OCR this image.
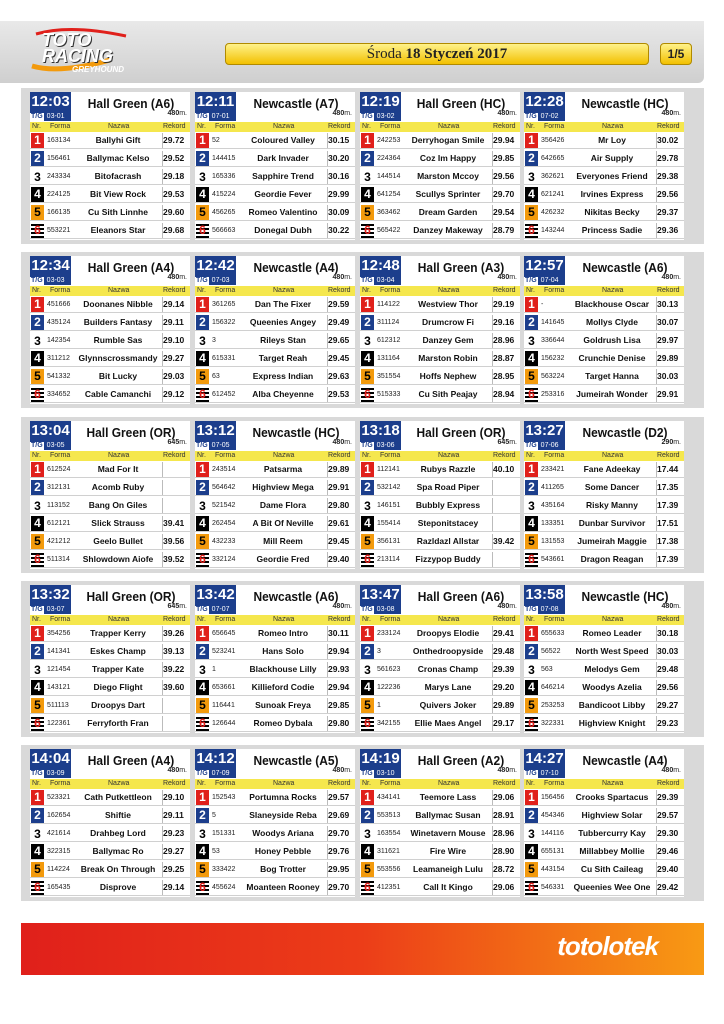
TOTO
RACING
GREYHOUND
Środa 18 Styczeń 2017	1/5
12:03
T/G 03-01
Hall Green (A6)
480m.
Nr. Forma	Nazwa	Rekord
1 163134	Ballyhi Gift	29.72
2 156461	Ballymac Kelso	29.52
3 243334	Bitofacrash	29.18
4 224125	Bit View Rock	29.53
5 166135	Cu Sith Linnhe	29.60
6 553221	Eleanors Star	29.68
12:11
T/G 07-01
Newcastle (A7)
480m.
Nr. Forma	Nazwa	Rekord
1 52	Coloured Valley	30.15
2 144415	Dark Invader	30.20
3 165336	Sapphire Trend	30.16
4 415224	Geordie Fever	29.99
5 456265	Romeo Valentino	30.09
6 566663	Donegal Dubh	30.22
12:19
T/G 03-02
Hall Green (HC)
480m.
Nr. Forma	Nazwa	Rekord
1 242253	Derryhogan Smile	29.94
2 224364	Coz Im Happy	29.85
3 144514	Marston Mccoy	29.56
4 641254	Scullys Sprinter	29.70
5 363462	Dream Garden	29.54
6 565422	Danzey Makeway	28.79
12:28
T/G 07-02
Newcastle (HC)
480m.
Nr. Forma	Nazwa	Rekord
1 356426	Mr Loy	30.02
2 642665	Air Supply	29.78
3 362621	Everyones Friend	29.38
4 621241	Irvines Express	29.56
5 426232	Nikitas Becky	29.37
6 143244	Princess Sadie	29.36
12:34
T/G 03-03
Hall Green (A4)
480m.
Nr. Forma	Nazwa	Rekord
1 451666	Doonanes Nibble	29.14
2 435124	Builders Fantasy	29.11
3 142354	Rumble Sas	29.10
4 311212	Glynnscrossmandy 29.27
5 541332	Bit Lucky	29.03
6 334652	Cable Camanchi	29.12
12:42
T/G 07-03
Newcastle (A4)
480m.
Nr. Forma	Nazwa	Rekord
1 361265	Dan The Fixer	29.59
2 156322	Queenies Angey	29.49
3 3	Rileys Stan	29.65
4 615331	Target Reah	29.45
5 63	Express Indian	29.63
6 612452	Alba Cheyenne	29.53
12:48
T/G 03-04
Hall Green (A3)
480m.
Nr. Forma	Nazwa	Rekord
1 114122	Westview Thor	29.19
2 311124	Drumcrow Fi	29.16
3 612312	Danzey Gem	28.96
4 131164	Marston Robin	28.87
5 351554	Hoffs Nephew	28.95
6 515333	Cu Sith Peajay	28.94
12:57
T/G 07-04
Newcastle (A6)
480m.
Nr. Forma	Nazwa	Rekord
1 -	Blackhouse Oscar 30.13
2 141645	Mollys Clyde	30.07
3 336644	Goldrush Lisa	29.97
4 156232	Crunchie Denise	29.89
5 563224	Target Hanna	30.03
6 253316	Jumeirah Wonder	29.91
13:04
T/G 03-05
Hall Green (OR)
645m.
Nr. Forma	Nazwa	Rekord
1 612524	Mad For It
2 312131	Acomb Ruby
3 113152	Bang On Giles
4 612121	Slick Strauss	39.41
5 421212	Geelo Bullet	39.56
6 511314	Shlowdown Aiofe	39.52
13:12
T/G 07-05
Newcastle (HC)
480m.
Nr. Forma	Nazwa	Rekord
1 243514	Patsarma	29.89
2 564642	Highview Mega	29.91
3 521542	Dame Flora	29.80
4 262454	A Bit Of Neville	29.61
5 432233	Mill Reem	29.45
6 332124	Geordie Fred	29.40
13:18
T/G 03-06
Hall Green (OR)
645m.
Nr. Forma	Nazwa	Rekord
1 112141	Rubys Razzle	40.10
2 532142	Spa Road Piper
3 146151	Bubbly Express
4 155414	Steponitstacey
5 356131	Razldazl Allstar	39.42
6 213114	Fizzypop Buddy
13:27
T/G 07-06
Newcastle (D2)
290m.
Nr. Forma	Nazwa	Rekord
1 233421	Fane Adeekay	17.44
2 411265	Some Dancer	17.35
3 435164	Risky Manny	17.39
4 133351	Dunbar Survivor	17.51
5 131553	Jumeirah Maggie	17.38
6 543661	Dragon Reagan	17.39
13:32
T/G 03-07
Hall Green (OR)
645m.
Nr. Forma	Nazwa	Rekord
1 354256	Trapper Kerry	39.26
2 141341	Eskes Champ	39.13
3 121454	Trapper Kate	39.22
4 143121	Diego Flight	39.60
5 511113	Droopys Dart
6 122361	Ferryforth Fran
13:42
T/G 07-07
Newcastle (A6)
480m.
Nr. Forma	Nazwa	Rekord
1 656645	Romeo Intro	30.11
2 523241	Hans Solo	29.94
3 1	Blackhouse Lilly	29.93
4 653661	Killieford Codie	29.94
5 116441	Sunoak Freya	29.85
6 126644	Romeo Dybala	29.80
13:47
T/G 03-08
Hall Green (A6)
480m.
Nr. Forma	Nazwa	Rekord
1 233124	Droopys Elodie	29.41
2 3	Onthedroopyside	29.48
3 561623	Cronas Champ	29.39
4 122236	Marys Lane	29.20
5 1	Quivers Joker	29.89
6 342155	Ellie Maes Angel	29.17
13:58
T/G 07-08
Newcastle (HC)
480m.
Nr. Forma	Nazwa	Rekord
1 655633	Romeo Leader	30.18
2 56522	North West Speed 30.03
3 563	Melodys Gem	29.48
4 646214	Woodys Azelia	29.56
5 253253	Bandicoot Libby	29.27
6 322331	Highview Knight	29.23
14:04
T/G 03-09
Hall Green (A4)
480m.
Nr. Forma	Nazwa	Rekord
1 523321	Cath Putkettleon	29.10
2 162654	Shiftie	29.11
3 421614	Drahbeg Lord	29.23
4 322315	Ballymac Ro	29.27
5 114224	Break On Through 29.25
6 165435	Disprove	29.14
14:12
T/G 07-09
Newcastle (A5)
480m.
Nr. Forma	Nazwa	Rekord
1 152543	Portumna Rocks	29.57
2 5	Slaneyside Reba	29.69
3 151331	Woodys Ariana	29.70
4 53	Honey Pebble	29.76
5 333422	Bog Trotter	29.95
6 455624	Moanteen Rooney 29.70
14:19
T/G 03-10
Hall Green (A2)
480m.
Nr. Forma	Nazwa	Rekord
1 434141	Teemore Lass	29.06
2 553513	Ballymac Susan	28.91
3 163554	Winetavern Mouse 28.96
4 311621	Fire Wire	28.90
5 553556	Leamaneigh Lulu	28.72
6 412351	Call It Kingo	29.06
14:27
T/G 07-10
Newcastle (A4)
480m.
Nr. Forma	Nazwa	Rekord
1 156456	Crooks Spartacus	29.39
2 454346	Highview Solar	29.57
3 144116	Tubbercurry Kay	29.30
4 655131	Millabbey Mollie	29.46
5 443154	Cu Sith Caileag	29.40
6 546331	Queenies Wee One 29.42
totolotek
